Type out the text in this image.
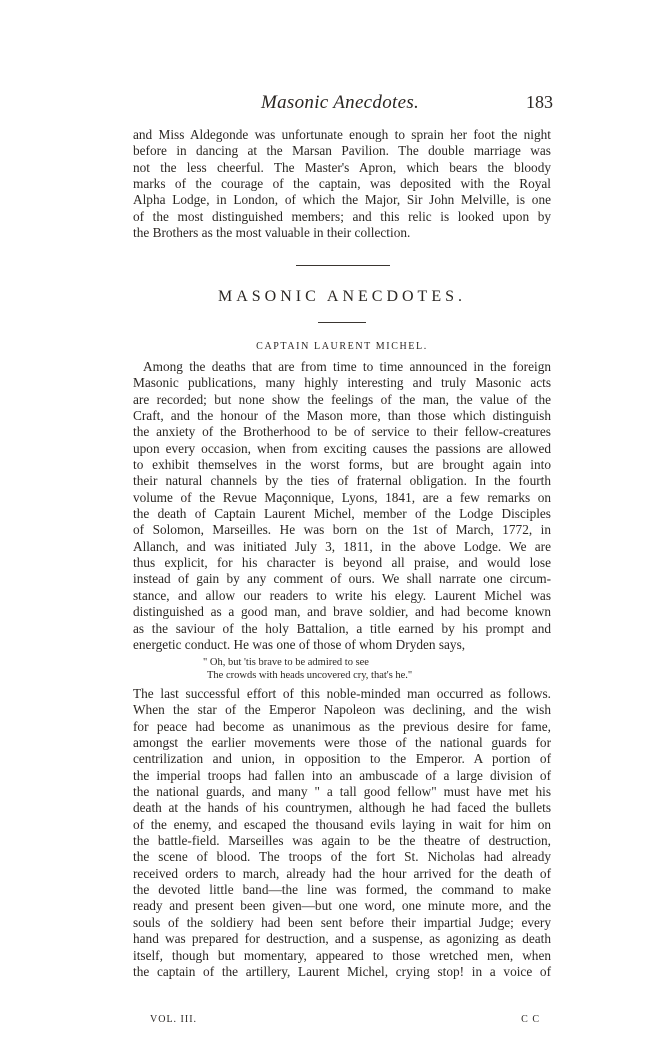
Masonic Anecdotes.	183
and Miss Aldegonde was unfortunate enough to sprain her foot the night
before in dancing at the Marsan Pavilion. The double marriage was
not the less cheerful. The Master's Apron, which bears the bloody
marks of the courage of the captain, was deposited with the Royal
Alpha Lodge, in London, of which the Major, Sir John Melville, is one
of the most distinguished members; and this relic is looked upon by
the Brothers as the most valuable in their collection.
MASONIC ANECDOTES.
CAPTAIN LAURENT MICHEL.
Among the deaths that are from time to time announced in the foreign
Masonic publications, many highly interesting and truly Masonic acts
are recorded; but none show the feelings of the man, the value of the
Craft, and the honour of the Mason more, than those which distinguish
the anxiety of the Brotherhood to be of service to their fellow-creatures
upon every occasion, when from exciting causes the passions are allowed
to exhibit themselves in the worst forms, but are brought again into
their natural channels by the ties of fraternal obligation. In the fourth
volume of the Revue Maçonnique, Lyons, 1841, are a few remarks on
the death of Captain Laurent Michel, member of the Lodge Disciples
of Solomon, Marseilles. He was born on the 1st of March, 1772, in
Allanch, and was initiated July 3, 1811, in the above Lodge. We are
thus explicit, for his character is beyond all praise, and would lose
instead of gain by any comment of ours. We shall narrate one circum-
stance, and allow our readers to write his elegy. Laurent Michel was
distinguished as a good man, and brave soldier, and had become known
as the saviour of the holy Battalion, a title earned by his prompt and
energetic conduct. He was one of those of whom Dryden says,
" Oh, but 'tis brave to be admired to see
The crowds with heads uncovered cry, that's he."
The last successful effort of this noble-minded man occurred as follows.
When the star of the Emperor Napoleon was declining, and the wish
for peace had become as unanimous as the previous desire for fame,
amongst the earlier movements were those of the national guards for
centrilization and union, in opposition to the Emperor. A portion of
the imperial troops had fallen into an ambuscade of a large division of
the national guards, and many " a tall good fellow" must have met his
death at the hands of his countrymen, although he had faced the bullets
of the enemy, and escaped the thousand evils laying in wait for him on
the battle-field. Marseilles was again to be the theatre of destruction,
the scene of blood. The troops of the fort St. Nicholas had already
received orders to march, already had the hour arrived for the death of
the devoted little band—the line was formed, the command to make
ready and present been given—but one word, one minute more, and the
souls of the soldiery had been sent before their impartial Judge; every
hand was prepared for destruction, and a suspense, as agonizing as death
itself, though but momentary, appeared to those wretched men, when
the captain of the artillery, Laurent Michel, crying stop! in a voice of
VOL. III.	C C
